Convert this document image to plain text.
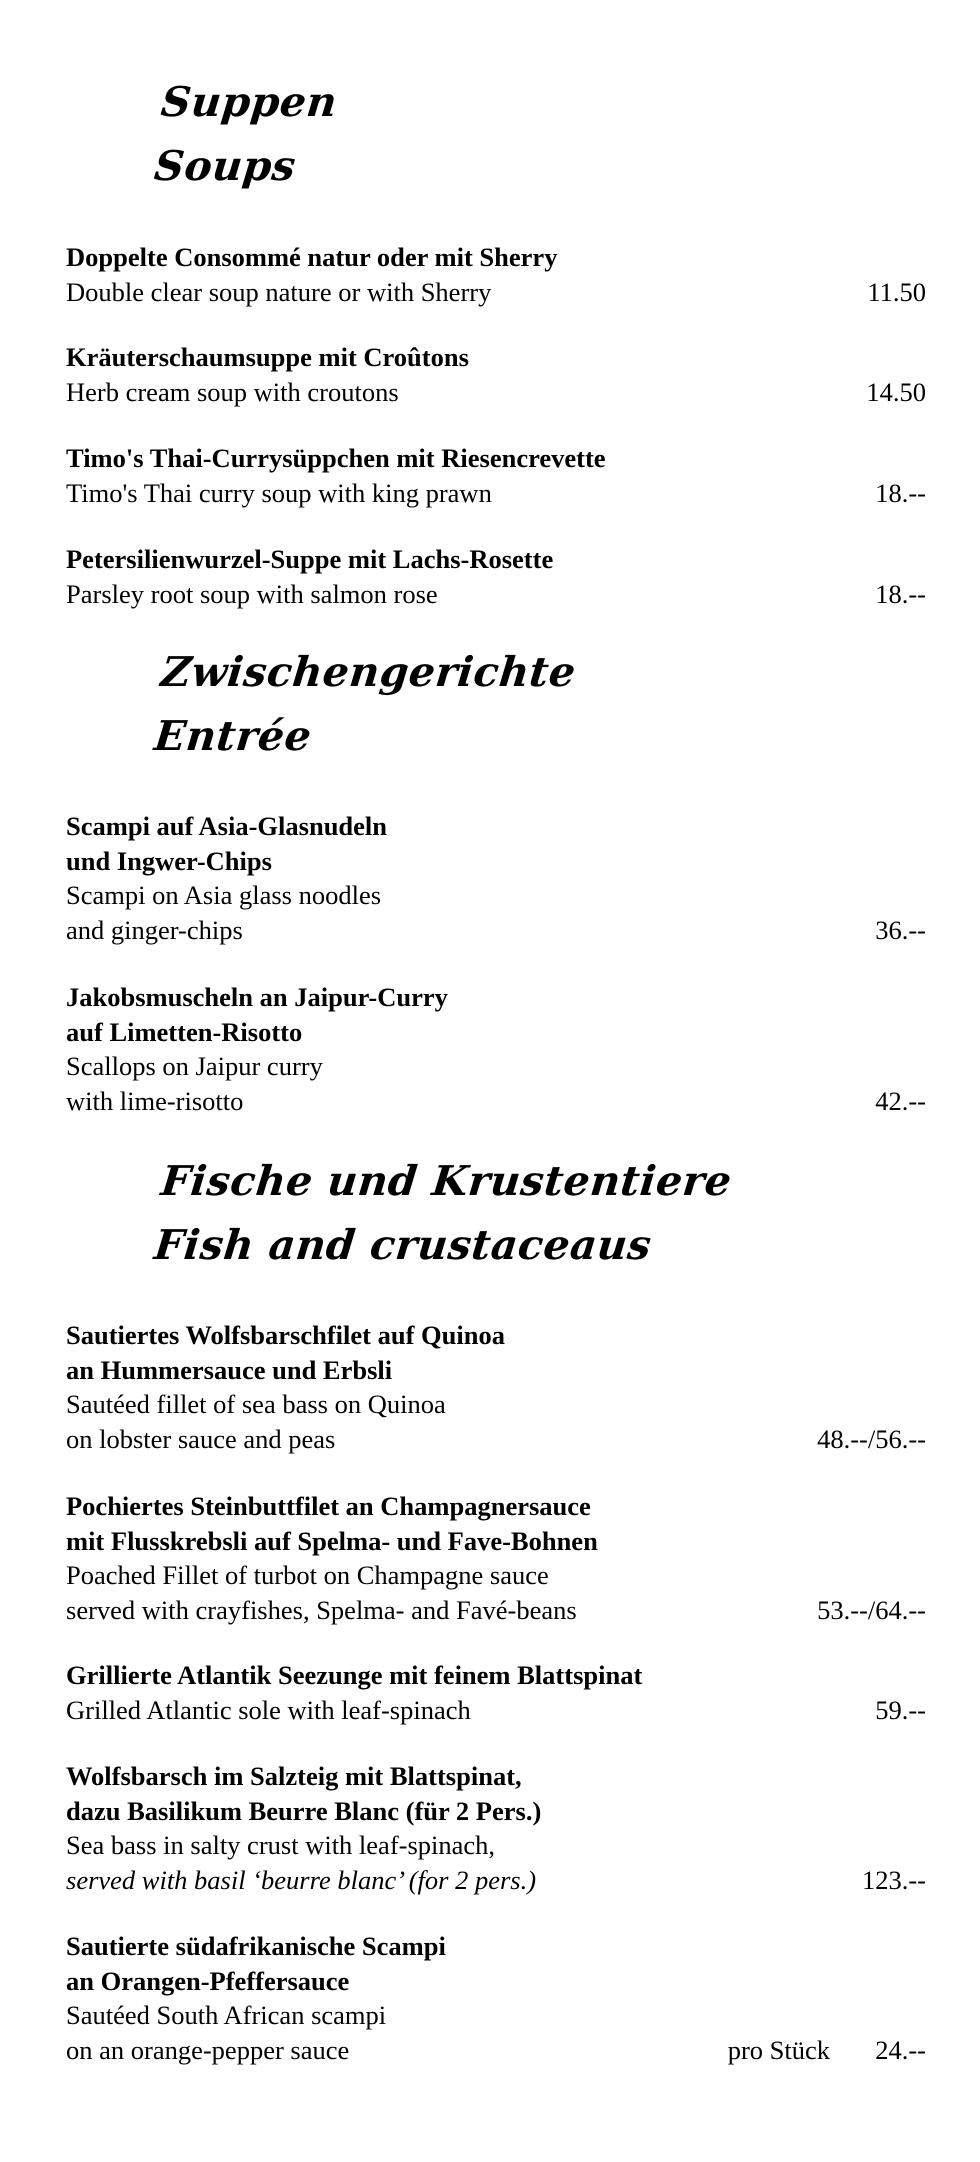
Suppen
Soups
Doppelte Consommé natur oder mit Sherry
Double clear soup nature or with Sherry	11.50
Kräuterschaumsuppe mit Croûtons
Herb cream soup with croutons	14.50
Timo's Thai-Currysüppchen mit Riesencrevette
Timo's Thai curry soup with king prawn	18.--
Petersilienwurzel-Suppe mit Lachs-Rosette
Parsley root soup with salmon rose	18.--
Zwischengerichte
Entrée
Scampi auf Asia-Glasnudeln
und Ingwer-Chips
Scampi on Asia glass noodles
and ginger-chips	36.--
Jakobsmuscheln an Jaipur-Curry
auf Limetten-Risotto
Scallops on Jaipur curry
with lime-risotto	42.--
Fische und Krustentiere
Fish and crustaceaus
Sautiertes Wolfsbarschfilet auf Quinoa
an Hummersauce und Erbsli
Sautéed fillet of sea bass on Quinoa
on lobster sauce and peas	48.--/56.--
Pochiertes Steinbuttfilet an Champagnersauce
mit Flusskrebsli auf Spelma- und Fave-Bohnen
Poached Fillet of turbot on Champagne sauce
served with crayfishes, Spelma- and Favé-beans	53.--/64.--
Grillierte Atlantik Seezunge mit feinem Blattspinat
Grilled Atlantic sole with leaf-spinach	59.--
Wolfsbarsch im Salzteig mit Blattspinat,
dazu Basilikum Beurre Blanc (für 2 Pers.)
Sea bass in salty crust with leaf-spinach,
served with basil ‘beurre blanc’ (for 2 pers.)	123.--
Sautierte südafrikanische Scampi
an Orangen-Pfeffersauce
Sautéed South African scampi
on an orange-pepper sauce	pro Stück 24.--
